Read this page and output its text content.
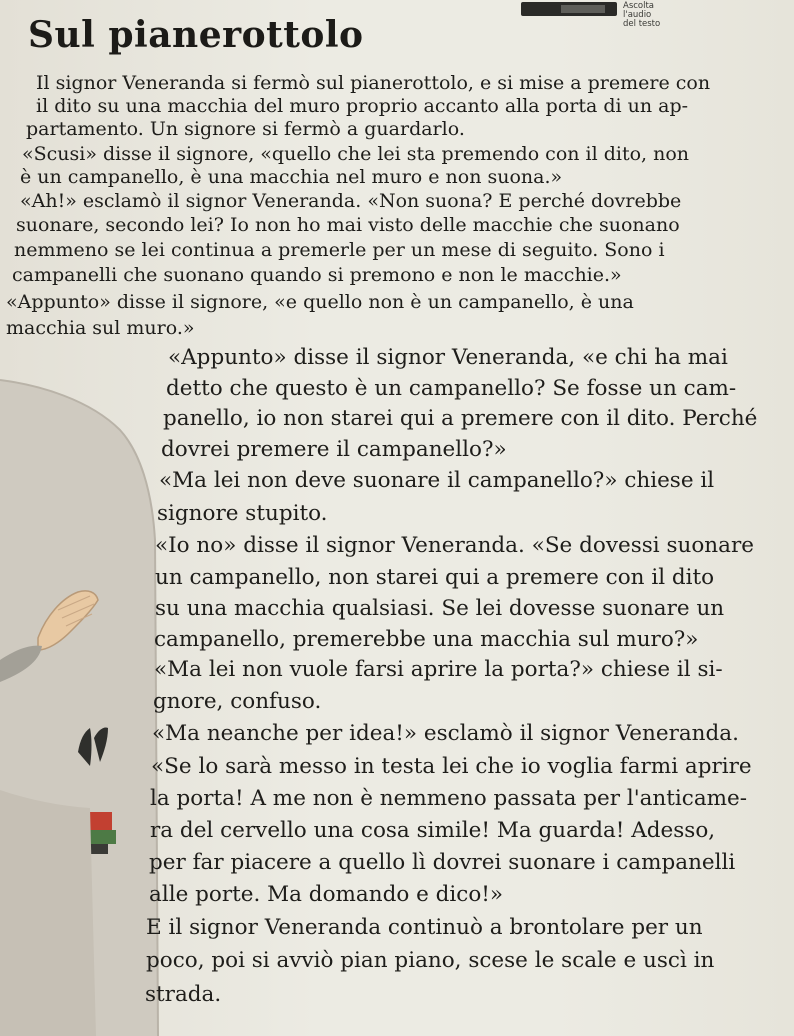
Sul pianerottolo
Ascolta
l'audio
del testo
Il signor Veneranda si fermò sul pianerottolo, e si mise a premere con
il dito su una macchia del muro proprio accanto alla porta di un ap-
partamento. Un signore si fermò a guardarlo.
«Scusi» disse il signore, «quello che lei sta premendo con il dito, non
è un campanello, è una macchia nel muro e non suona.»
«Ah!» esclamò il signor Veneranda. «Non suona? E perché dovrebbe
suonare, secondo lei? Io non ho mai visto delle macchie che suonano
nemmeno se lei continua a premerle per un mese di seguito. Sono i
campanelli che suonano quando si premono e non le macchie.»
«Appunto» disse il signore, «e quello non è un campanello, è una
macchia sul muro.»
«Appunto» disse il signor Veneranda, «e chi ha mai
detto che questo è un campanello? Se fosse un cam-
panello, io non starei qui a premere con il dito. Perché
dovrei premere il campanello?»
«Ma lei non deve suonare il campanello?» chiese il
signore stupito.
«Io no» disse il signor Veneranda. «Se dovessi suonare
un campanello, non starei qui a premere con il dito
su una macchia qualsiasi. Se lei dovesse suonare un
campanello, premerebbe una macchia sul muro?»
«Ma lei non vuole farsi aprire la porta?» chiese il si-
gnore, confuso.
«Ma neanche per idea!» esclamò il signor Veneranda.
«Se lo sarà messo in testa lei che io voglia farmi aprire
la porta! A me non è nemmeno passata per l'anticame-
ra del cervello una cosa simile! Ma guarda! Adesso,
per far piacere a quello lì dovrei suonare i campanelli
alle porte. Ma domando e dico!»
E il signor Veneranda continuò a brontolare per un
poco, poi si avviò pian piano, scese le scale e uscì in
strada.
